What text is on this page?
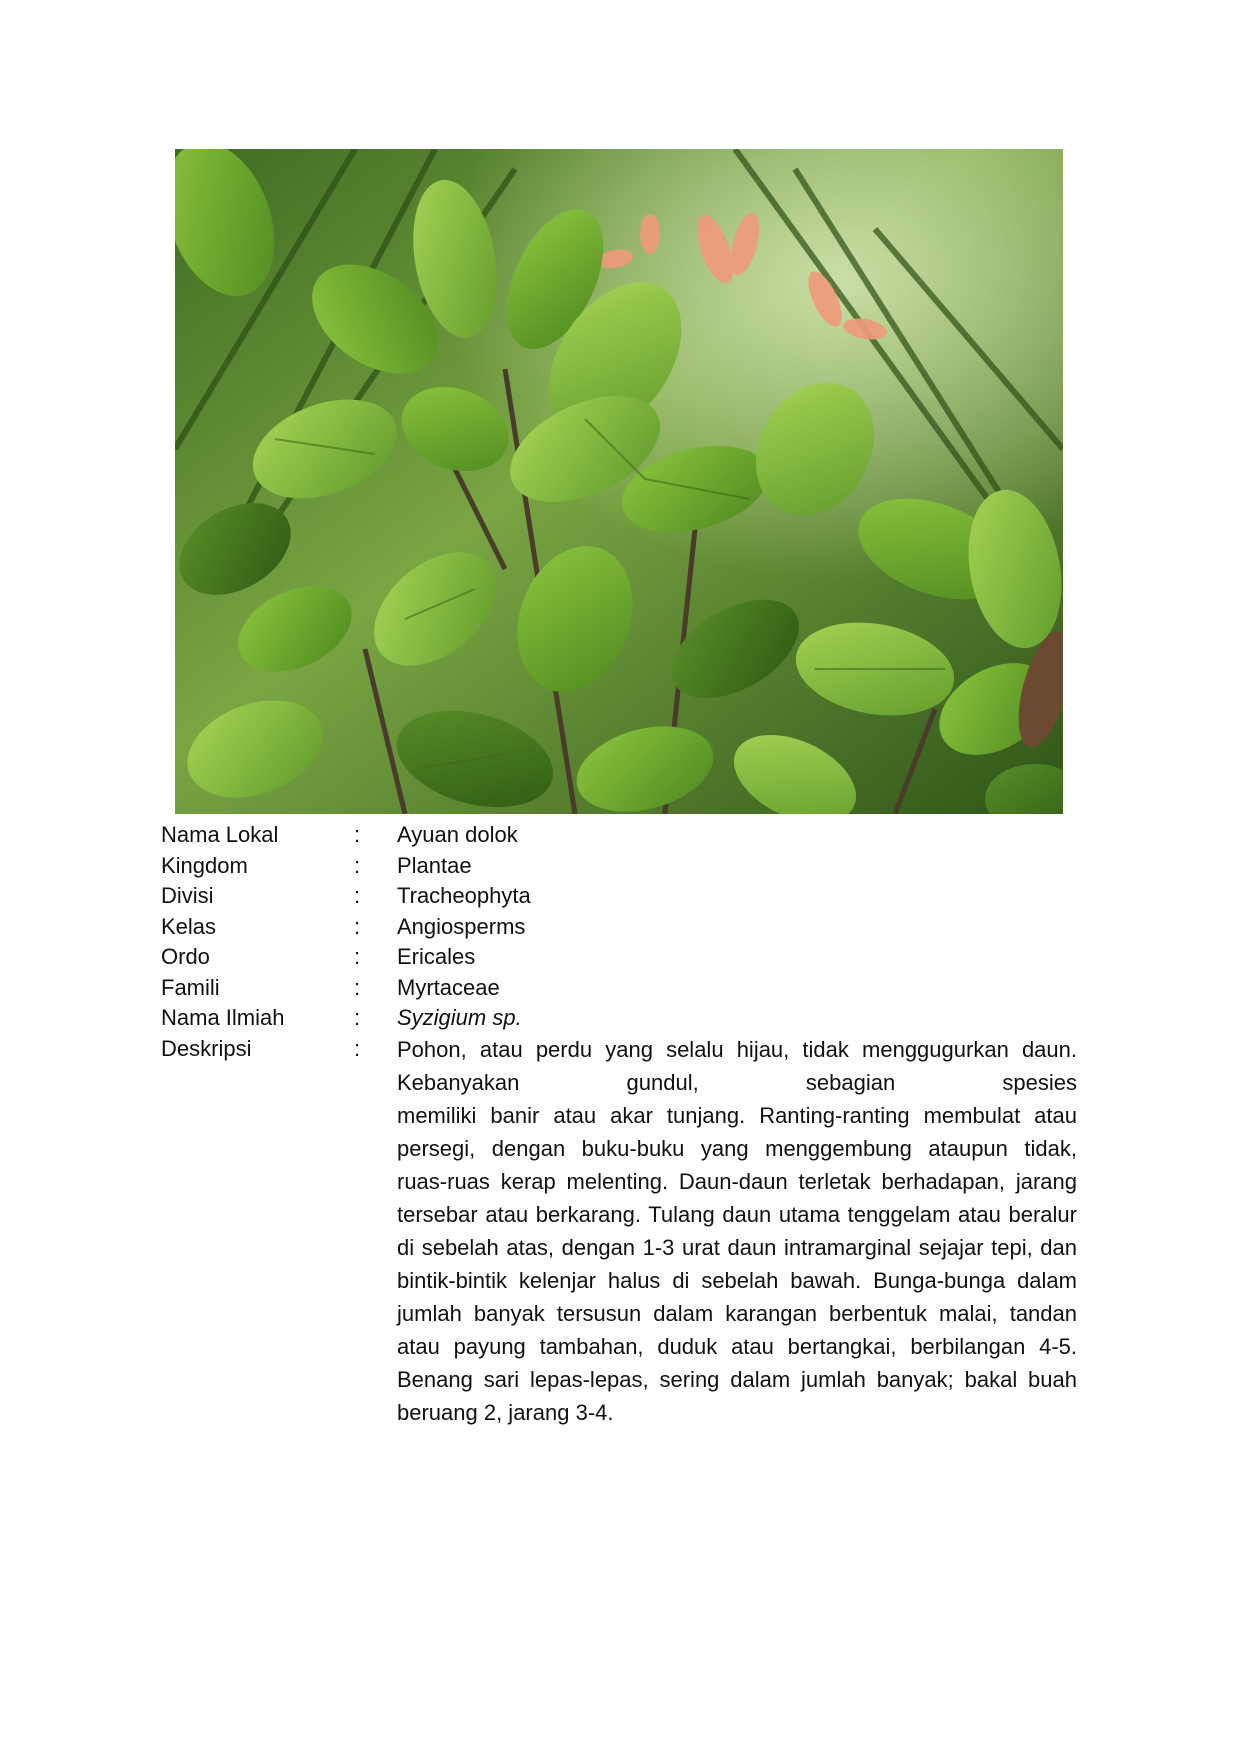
Nama Lokal	:	Ayuan dolok
Kingdom	:	Plantae
Divisi	:	Tracheophyta
Kelas	:	Angiosperms
Ordo	:	Ericales
Famili	:	Myrtaceae
Nama Ilmiah	:	Syzigium sp.
Deskripsi	:	Pohon, atau perdu yang selalu hijau, tidak menggugurkan daun.
Kebanyakan gundul, sebagian spesies
memiliki banir atau akar tunjang. Ranting-ranting membulat atau
persegi, dengan buku-buku yang menggembung ataupun tidak,
ruas-ruas kerap melenting. Daun-daun terletak berhadapan, jarang
tersebar atau berkarang. Tulang daun utama tenggelam atau beralur
di sebelah atas, dengan 1-3 urat daun intramarginal sejajar tepi, dan
bintik-bintik kelenjar halus di sebelah bawah. Bunga-bunga dalam
jumlah banyak tersusun dalam karangan berbentuk malai, tandan
atau payung tambahan, duduk atau bertangkai, berbilangan 4-5.
Benang sari lepas-lepas, sering dalam jumlah banyak; bakal buah
beruang 2, jarang 3-4.
